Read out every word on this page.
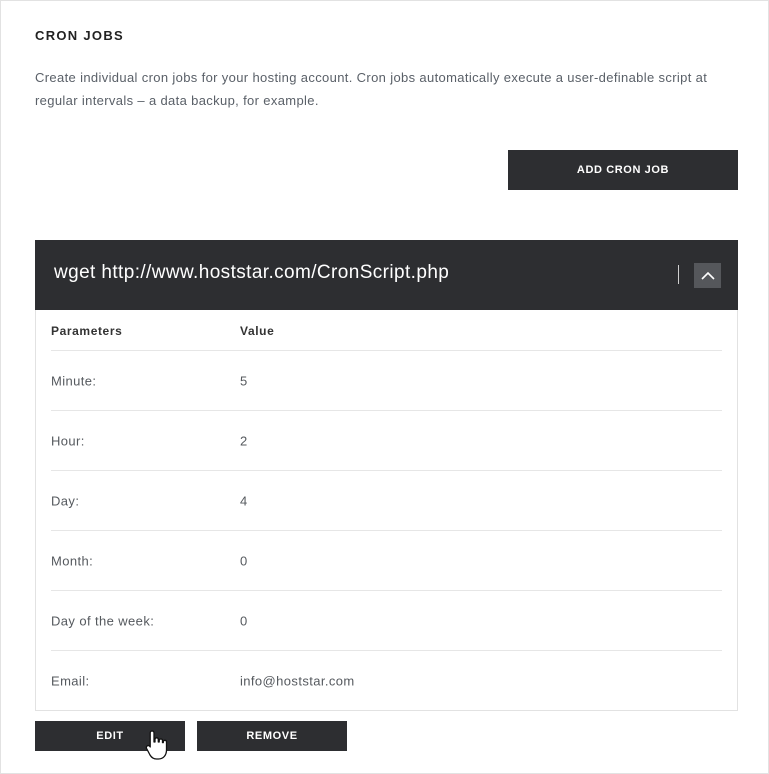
CRON JOBS
Create individual cron jobs for your hosting account. Cron jobs automatically execute a user-definable script at regular intervals – a data backup, for example.
ADD CRON JOB
wget http://www.hoststar.com/CronScript.php
Parameters	Value
Minute:	5
Hour:	2
Day:	4
Month:	0
Day of the week:	0
Email:	info@hoststar.com
EDIT	REMOVE
